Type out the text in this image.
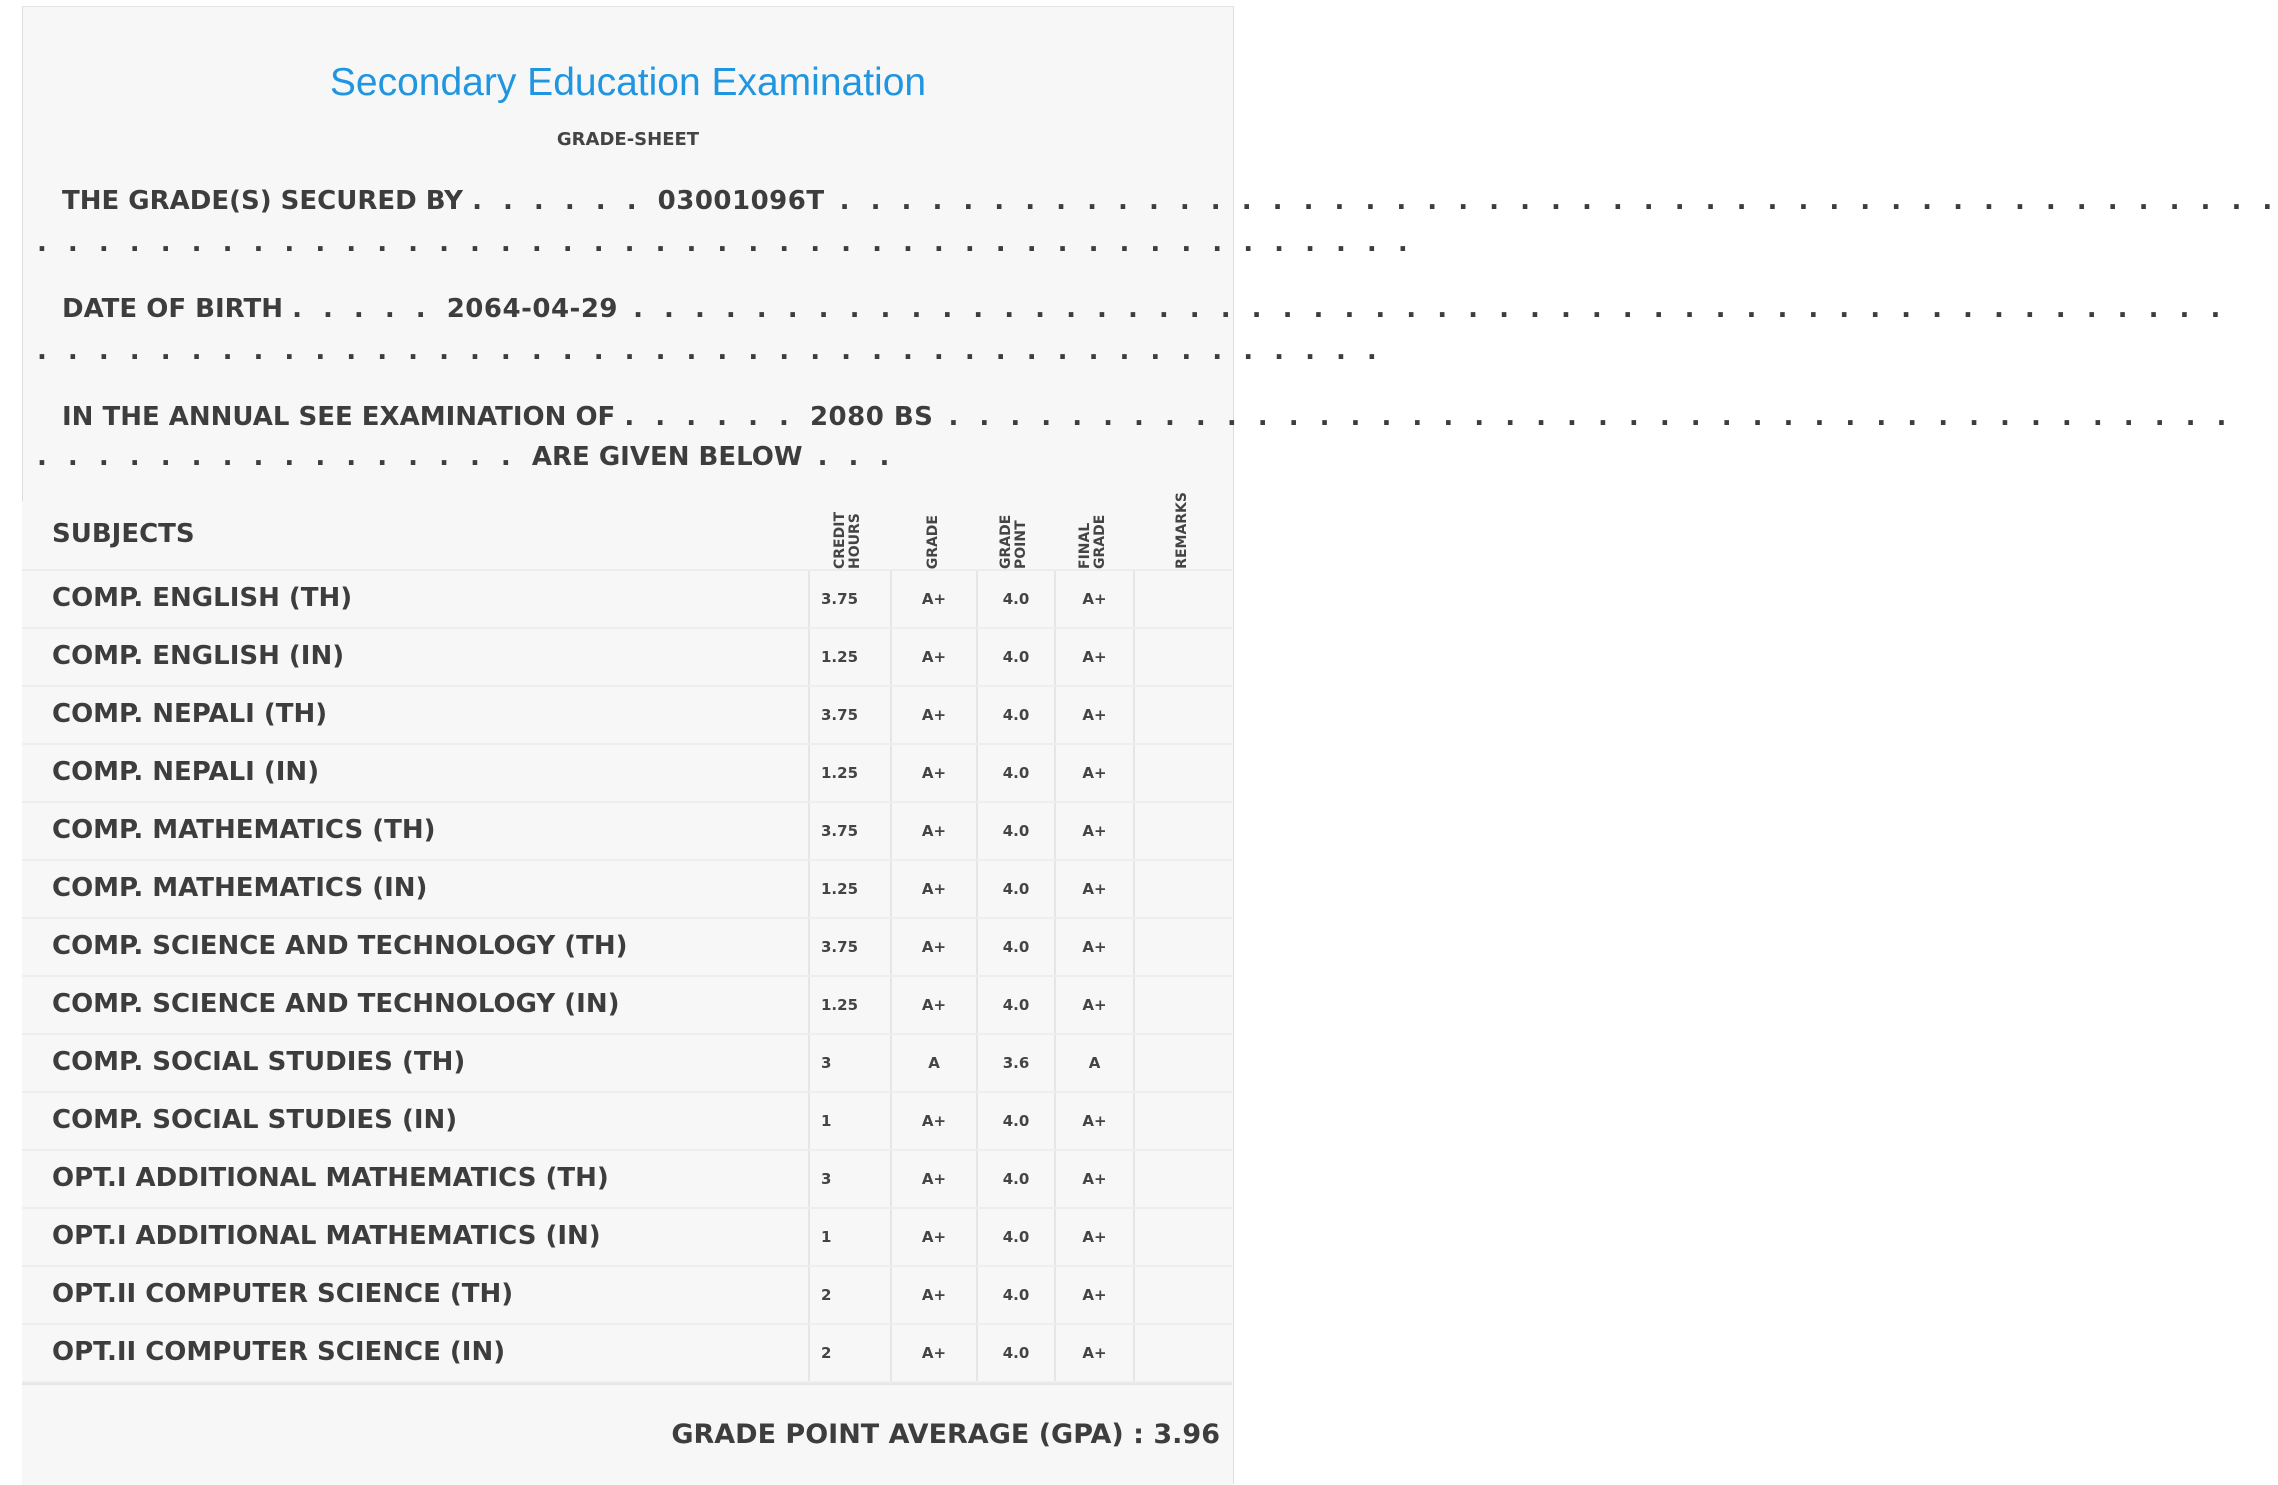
Secondary Education Examination
GRADE-SHEET
THE GRADE(S) SECURED BY . . . . . . 03001096T . . . . . . . . . . . . . . . . . . . . . . . . . . . . . . . . . . . . . . . . . . . . . . .
. . . . . . . . . . . . . . . . . . . . . . . . . . . . . . . . . . . . . . . . . . . . .
DATE OF BIRTH . . . . . 2064-04-29 . . . . . . . . . . . . . . . . . . . . . . . . . . . . . . . . . . . . . . . . . . . . . . . . . . . .
. . . . . . . . . . . . . . . . . . . . . . . . . . . . . . . . . . . . . . . . . . . .
IN THE ANNUAL SEE EXAMINATION OF . . . . . . 2080 BS . . . . . . . . . . . . . . . . . . . . . . . . . . . . . . . . . . . . . . . . . .
. . . . . . . . . . . . . . . . ARE GIVEN BELOW . . .
SUBJECTS	CREDIT HOURS	GRADE	GRADE POINT	FINAL GRADE	REMARKS
COMP. ENGLISH (TH)	3.75	A+	4.0	A+
COMP. ENGLISH (IN)	1.25	A+	4.0	A+
COMP. NEPALI (TH)	3.75	A+	4.0	A+
COMP. NEPALI (IN)	1.25	A+	4.0	A+
COMP. MATHEMATICS (TH)	3.75	A+	4.0	A+
COMP. MATHEMATICS (IN)	1.25	A+	4.0	A+
COMP. SCIENCE AND TECHNOLOGY (TH)	3.75	A+	4.0	A+
COMP. SCIENCE AND TECHNOLOGY (IN)	1.25	A+	4.0	A+
COMP. SOCIAL STUDIES (TH)	3	A	3.6	A
COMP. SOCIAL STUDIES (IN)	1	A+	4.0	A+
OPT.I ADDITIONAL MATHEMATICS (TH)	3	A+	4.0	A+
OPT.I ADDITIONAL MATHEMATICS (IN)	1	A+	4.0	A+
OPT.II COMPUTER SCIENCE (TH)	2	A+	4.0	A+
OPT.II COMPUTER SCIENCE (IN)	2	A+	4.0	A+
GRADE POINT AVERAGE (GPA) : 3.96
